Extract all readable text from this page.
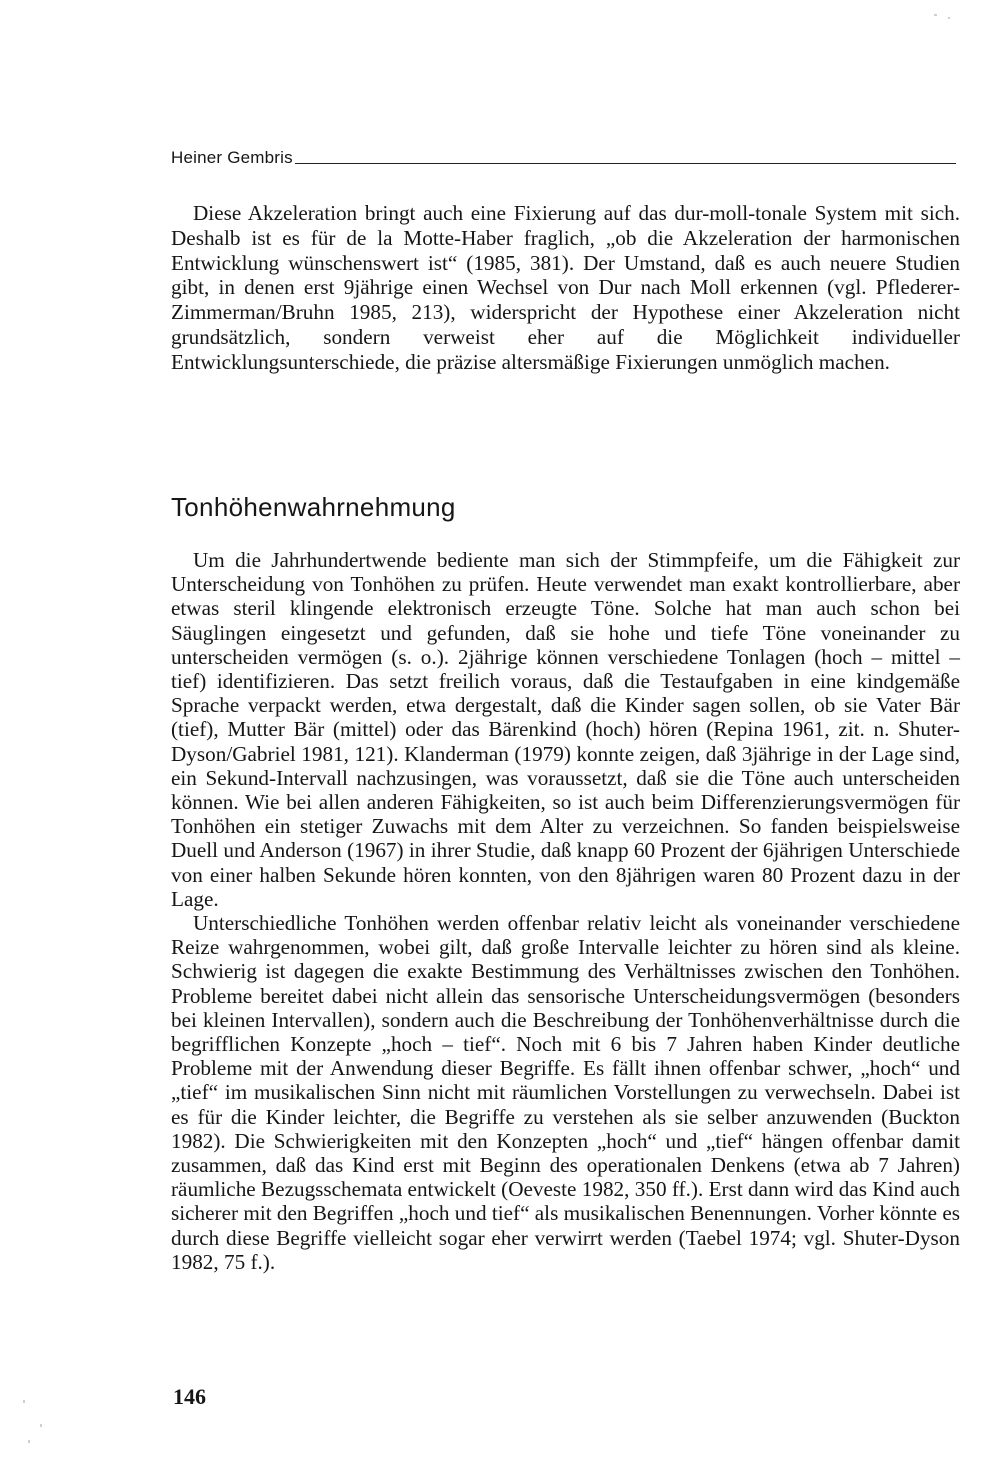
Heiner Gembris

Diese Akzeleration bringt auch eine Fixierung auf das dur-moll-tonale System mit sich. Deshalb ist es für de la Motte-Haber fraglich, „ob die Akzeleration der harmonischen Entwicklung wünschenswert ist“ (1985, 381). Der Umstand, daß es auch neuere Studien gibt, in denen erst 9jährige einen Wechsel von Dur nach Moll erkennen (vgl. Pflederer-Zimmerman/Bruhn 1985, 213), widerspricht der Hypothese einer Akzeleration nicht grundsätzlich, sondern verweist eher auf die Möglichkeit individueller Entwicklungsunterschiede, die präzise altersmäßige Fixierungen unmöglich machen.

Tonhöhenwahrnehmung

Um die Jahrhundertwende bediente man sich der Stimmpfeife, um die Fähigkeit zur Unterscheidung von Tonhöhen zu prüfen. Heute verwendet man exakt kontrollierbare, aber etwas steril klingende elektronisch erzeugte Töne. Solche hat man auch schon bei Säuglingen eingesetzt und gefunden, daß sie hohe und tiefe Töne voneinander zu unterscheiden vermögen (s. o.). 2jährige können verschiedene Tonlagen (hoch – mittel – tief) identifizieren. Das setzt freilich voraus, daß die Testaufgaben in eine kindgemäße Sprache verpackt werden, etwa dergestalt, daß die Kinder sagen sollen, ob sie Vater Bär (tief), Mutter Bär (mittel) oder das Bärenkind (hoch) hören (Repina 1961, zit. n. Shuter-Dyson/Gabriel 1981, 121). Klanderman (1979) konnte zeigen, daß 3jährige in der Lage sind, ein Sekund-Intervall nachzusingen, was voraussetzt, daß sie die Töne auch unterscheiden können. Wie bei allen anderen Fähigkeiten, so ist auch beim Differenzierungsvermögen für Tonhöhen ein stetiger Zuwachs mit dem Alter zu verzeichnen. So fanden beispielsweise Duell und Anderson (1967) in ihrer Studie, daß knapp 60 Prozent der 6jährigen Unterschiede von einer halben Sekunde hören konnten, von den 8jährigen waren 80 Prozent dazu in der Lage.

Unterschiedliche Tonhöhen werden offenbar relativ leicht als voneinander verschiedene Reize wahrgenommen, wobei gilt, daß große Intervalle leichter zu hören sind als kleine. Schwierig ist dagegen die exakte Bestimmung des Verhältnisses zwischen den Tonhöhen. Probleme bereitet dabei nicht allein das sensorische Unterscheidungsvermögen (besonders bei kleinen Intervallen), sondern auch die Beschreibung der Tonhöhenverhältnisse durch die begrifflichen Konzepte „hoch – tief“. Noch mit 6 bis 7 Jahren haben Kinder deutliche Probleme mit der Anwendung dieser Begriffe. Es fällt ihnen offenbar schwer, „hoch“ und „tief“ im musikalischen Sinn nicht mit räumlichen Vorstellungen zu verwechseln. Dabei ist es für die Kinder leichter, die Begriffe zu verstehen als sie selber anzuwenden (Buckton 1982). Die Schwierigkeiten mit den Konzepten „hoch“ und „tief“ hängen offenbar damit zusammen, daß das Kind erst mit Beginn des operationalen Denkens (etwa ab 7 Jahren) räumliche Bezugsschemata entwickelt (Oeveste 1982, 350 ff.). Erst dann wird das Kind auch sicherer mit den Begriffen „hoch und tief“ als musikalischen Benennungen. Vorher könnte es durch diese Begriffe vielleicht sogar eher verwirrt werden (Taebel 1974; vgl. Shuter-Dyson 1982, 75 f.).

146
